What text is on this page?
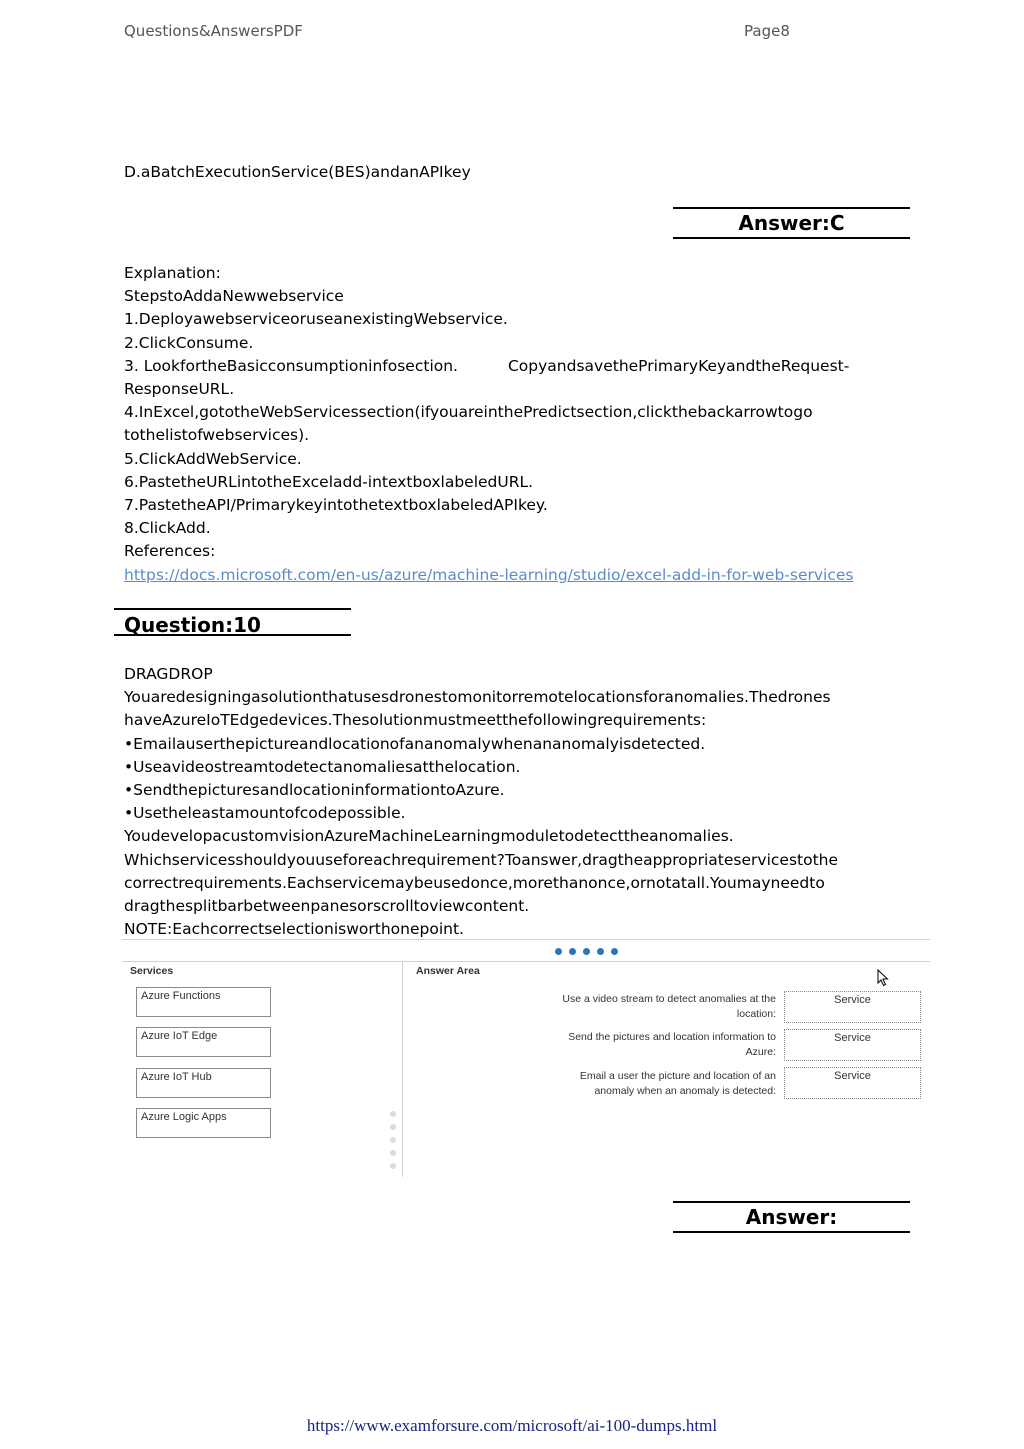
Questions&AnswersPDF	Page8
D.aBatchExecutionService(BES)andanAPIkey
Answer:C
Explanation:
StepstoAddaNewwebservice
1.DeployawebserviceoruseanexistingWebservice.
2.ClickConsume.
3. LookfortheBasicconsumptioninfosection.	CopyandsavethePrimaryKeyandtheRequest-
ResponseURL.
4.InExcel,gototheWebServicessection(ifyouareinthePredictsection,clickthebackarrowtogo
tothelistofwebservices).
5.ClickAddWebService.
6.PastetheURLintotheExceladd-intextboxlabeledURL.
7.PastetheAPI/PrimarykeyintothetextboxlabeledAPIkey.
8.ClickAdd.
References:
https://docs.microsoft.com/en-us/azure/machine-learning/studio/excel-add-in-for-web-services
Question:10
DRAGDROP
Youaredesigningasolutionthatusesdronestomonitorremotelocationsforanomalies.Thedrones
haveAzureIoTEdgedevices.Thesolutionmustmeetthefollowingrequirements:
•Emailauserthepictureandlocationofananomalywhenananomalyisdetected.
•Useavideostreamtodetectanomaliesatthelocation.
•SendthepicturesandlocationinformationtoAzure.
•Usetheleastamountofcodepossible.
YoudevelopacustomvisionAzureMachineLearningmoduletodetecttheanomalies.
Whichservicesshouldyouuseforeachrequirement?Toanswer,dragtheappropriateservicestothe
correctrequirements.Eachservicemaybeusedonce,morethanonce,ornotatall.Youmayneedto
dragthesplitbarbetweenpanesorscrolltoviewcontent.
NOTE:Eachcorrectselectionisworthonepoint.
Services
Azure Functions
Azure IoT Edge
Azure IoT Hub
Azure Logic Apps
Answer Area
Use a video stream to detect anomalies at the
location:
Service
Send the pictures and location information to
Azure:
Service
Email a user the picture and location of an
anomaly when an anomaly is detected:
Service
Answer:
https://www.examforsure.com/microsoft/ai-100-dumps.html
